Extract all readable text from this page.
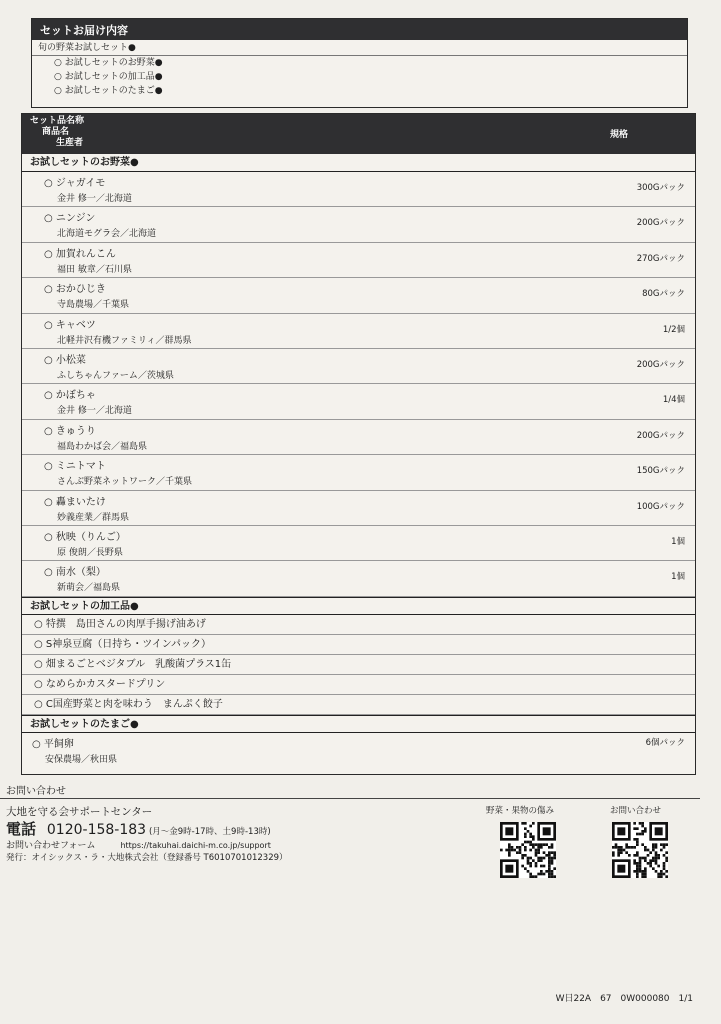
セットお届け内容
旬の野菜お試しセット●
○ お試しセットのお野菜●
○ お試しセットの加工品●
○ お試しセットのたまご●
セット品名称
商品名
生産者
規格
お試しセットのお野菜●
○ ジャガイモ
金井 修一／北海道
300Gパック
○ ニンジン
北海道モグラ会／北海道
200Gパック
○ 加賀れんこん
福田 敏章／石川県
270Gパック
○ おかひじき
寺島農場／千葉県
80Gパック
○ キャベツ
北軽井沢有機ファミリィ／群馬県
1/2個
○ 小松菜
ふしちゃんファーム／茨城県
200Gパック
○ かぼちゃ
金井 修一／北海道
1/4個
○ きゅうり
福島わかば会／福島県
200Gパック
○ ミニトマト
さんぶ野菜ネットワーク／千葉県
150Gパック
○ 轟まいたけ
妙義産業／群馬県
100Gパック
○ 秋映（りんご）
原 俊朗／長野県
1個
○ 南水（梨）
新萌会／福島県
1個
お試しセットの加工品●
○ 特撰　島田さんの肉厚手揚げ油あげ
○ S神泉豆腐（日持ち・ツインパック）
○ 畑まるごとベジタブル　乳酸菌プラス1缶
○ なめらかカスタードプリン
○ C国産野菜と肉を味わう　まんぷく餃子
お試しセットのたまご●
○ 平飼卵
安保農場／秋田県
6個パック
お問い合わせ
大地を守る会サポートセンター
電話 0120-158-183 (月～金9時-17時、土9時-13時)
お問い合わせフォーム	https://takuhai.daichi-m.co.jp/support
発行：オイシックス・ラ・大地株式会社（登録番号 T6010701012329）
野菜・果物の傷み	お問い合わせ
W日22A　67　0W000080　1/1
